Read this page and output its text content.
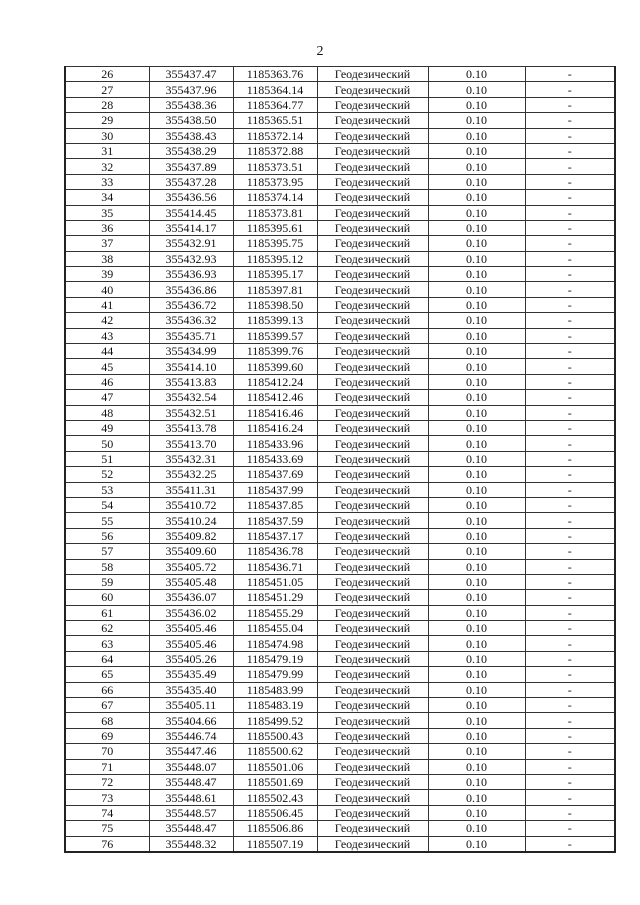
2
26	355437.47	1185363.76	Геодезический	0.10	-
27	355437.96	1185364.14	Геодезический	0.10	-
28	355438.36	1185364.77	Геодезический	0.10	-
29	355438.50	1185365.51	Геодезический	0.10	-
30	355438.43	1185372.14	Геодезический	0.10	-
31	355438.29	1185372.88	Геодезический	0.10	-
32	355437.89	1185373.51	Геодезический	0.10	-
33	355437.28	1185373.95	Геодезический	0.10	-
34	355436.56	1185374.14	Геодезический	0.10	-
35	355414.45	1185373.81	Геодезический	0.10	-
36	355414.17	1185395.61	Геодезический	0.10	-
37	355432.91	1185395.75	Геодезический	0.10	-
38	355432.93	1185395.12	Геодезический	0.10	-
39	355436.93	1185395.17	Геодезический	0.10	-
40	355436.86	1185397.81	Геодезический	0.10	-
41	355436.72	1185398.50	Геодезический	0.10	-
42	355436.32	1185399.13	Геодезический	0.10	-
43	355435.71	1185399.57	Геодезический	0.10	-
44	355434.99	1185399.76	Геодезический	0.10	-
45	355414.10	1185399.60	Геодезический	0.10	-
46	355413.83	1185412.24	Геодезический	0.10	-
47	355432.54	1185412.46	Геодезический	0.10	-
48	355432.51	1185416.46	Геодезический	0.10	-
49	355413.78	1185416.24	Геодезический	0.10	-
50	355413.70	1185433.96	Геодезический	0.10	-
51	355432.31	1185433.69	Геодезический	0.10	-
52	355432.25	1185437.69	Геодезический	0.10	-
53	355411.31	1185437.99	Геодезический	0.10	-
54	355410.72	1185437.85	Геодезический	0.10	-
55	355410.24	1185437.59	Геодезический	0.10	-
56	355409.82	1185437.17	Геодезический	0.10	-
57	355409.60	1185436.78	Геодезический	0.10	-
58	355405.72	1185436.71	Геодезический	0.10	-
59	355405.48	1185451.05	Геодезический	0.10	-
60	355436.07	1185451.29	Геодезический	0.10	-
61	355436.02	1185455.29	Геодезический	0.10	-
62	355405.46	1185455.04	Геодезический	0.10	-
63	355405.46	1185474.98	Геодезический	0.10	-
64	355405.26	1185479.19	Геодезический	0.10	-
65	355435.49	1185479.99	Геодезический	0.10	-
66	355435.40	1185483.99	Геодезический	0.10	-
67	355405.11	1185483.19	Геодезический	0.10	-
68	355404.66	1185499.52	Геодезический	0.10	-
69	355446.74	1185500.43	Геодезический	0.10	-
70	355447.46	1185500.62	Геодезический	0.10	-
71	355448.07	1185501.06	Геодезический	0.10	-
72	355448.47	1185501.69	Геодезический	0.10	-
73	355448.61	1185502.43	Геодезический	0.10	-
74	355448.57	1185506.45	Геодезический	0.10	-
75	355448.47	1185506.86	Геодезический	0.10	-
76	355448.32	1185507.19	Геодезический	0.10	-
